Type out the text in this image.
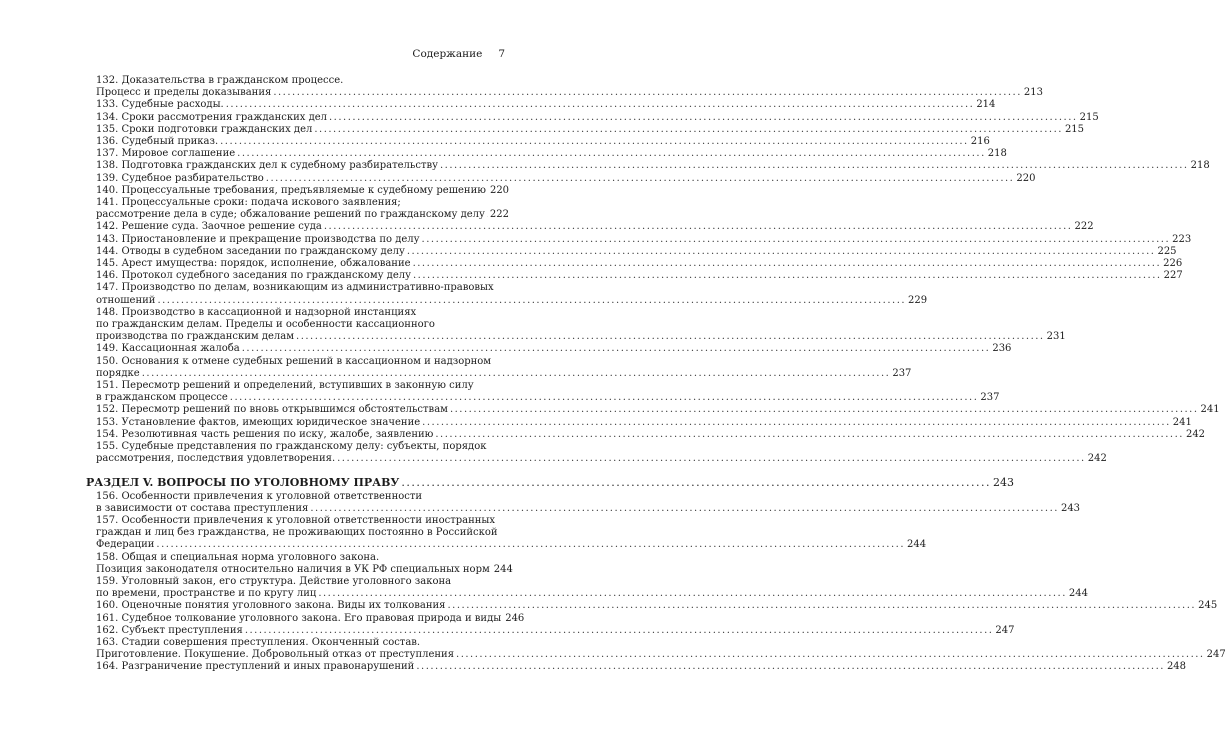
Содержание 7
132. Доказательства в гражданском процессе.
Процесс и пределы доказывания ................................................................................................................................................................ 213
133. Судебные расходы. ................................................................................................................................................................ 214
134. Сроки рассмотрения гражданских дел ................................................................................................................................................................ 215
135. Сроки подготовки гражданских дел ................................................................................................................................................................ 215
136. Судебный приказ. ................................................................................................................................................................ 216
137. Мировое соглашение ................................................................................................................................................................ 218
138. Подготовка гражданских дел к судебному разбирательству ................................................................................................................................................................ 218
139. Судебное разбирательство ................................................................................................................................................................ 220
140. Процессуальные требования, предъявляемые к судебному решению 220
141. Процессуальные сроки: подача искового заявления;
рассмотрение дела в суде; обжалование решений по гражданскому делу 222
142. Решение суда. Заочное решение суда ................................................................................................................................................................ 222
143. Приостановление и прекращение производства по делу ................................................................................................................................................................ 223
144. Отводы в судебном заседании по гражданскому делу ................................................................................................................................................................ 225
145. Арест имущества: порядок, исполнение, обжалование ................................................................................................................................................................ 226
146. Протокол судебного заседания по гражданскому делу ................................................................................................................................................................ 227
147. Производство по делам, возникающим из административно-правовых
отношений ................................................................................................................................................................ 229
148. Производство в кассационной и надзорной инстанциях
по гражданским делам. Пределы и особенности кассационного
производства по гражданским делам ................................................................................................................................................................ 231
149. Кассационная жалоба ................................................................................................................................................................ 236
150. Основания к отмене судебных решений в кассационном и надзорном
порядке ................................................................................................................................................................ 237
151. Пересмотр решений и определений, вступивших в законную силу
в гражданском процессе ................................................................................................................................................................ 237
152. Пересмотр решений по вновь открывшимся обстоятельствам ................................................................................................................................................................ 241
153. Установление фактов, имеющих юридическое значение ................................................................................................................................................................ 241
154. Резолютивная часть решения по иску, жалобе, заявлению ................................................................................................................................................................ 242
155. Судебные представления по гражданскому делу: субъекты, порядок
рассмотрения, последствия удовлетворения. ................................................................................................................................................................ 242
РАЗДЕЛ V. ВОПРОСЫ ПО УГОЛОВНОМУ ПРАВУ ...................................................................................................................... 243
156. Особенности привлечения к уголовной ответственности
в зависимости от состава преступления ................................................................................................................................................................ 243
157. Особенности привлечения к уголовной ответственности иностранных
граждан и лиц без гражданства, не проживающих постоянно в Российской
Федерации ................................................................................................................................................................ 244
158. Общая и специальная норма уголовного закона.
Позиция законодателя относительно наличия в УК РФ специальных норм 244
159. Уголовный закон, его структура. Действие уголовного закона
по времени, пространстве и по кругу лиц ................................................................................................................................................................ 244
160. Оценочные понятия уголовного закона. Виды их толкования ................................................................................................................................................................ 245
161. Судебное толкование уголовного закона. Его правовая природа и виды 246
162. Субъект преступления ................................................................................................................................................................ 247
163. Стадии совершения преступления. Оконченный состав.
Приготовление. Покушение. Добровольный отказ от преступления ................................................................................................................................................................ 247
164. Разграничение преступлений и иных правонарушений ................................................................................................................................................................ 248
